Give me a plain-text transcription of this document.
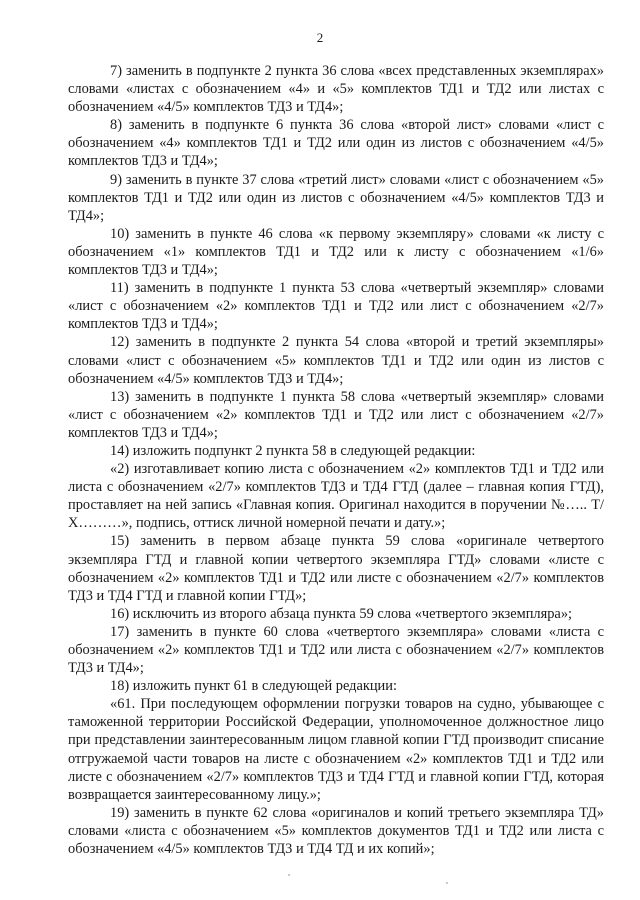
2

7) заменить в подпункте 2 пункта 36 слова «всех представленных экземплярах» словами «листах с обозначением «4» и «5» комплектов ТД1 и ТД2 или листах с обозначением «4/5» комплектов ТД3 и ТД4»;

8) заменить в подпункте 6 пункта 36 слова «второй лист» словами «лист с обозначением «4» комплектов ТД1 и ТД2 или один из листов с обозначением «4/5» комплектов ТД3 и ТД4»;

9) заменить в пункте 37 слова «третий лист» словами «лист с обозначением «5» комплектов ТД1 и ТД2 или один из листов с обозначением «4/5» комплектов ТД3 и ТД4»;

10) заменить в пункте 46 слова «к первому экземпляру» словами «к листу с обозначением «1» комплектов ТД1 и ТД2 или к листу с обозначением «1/6» комплектов ТД3 и ТД4»;

11) заменить в подпункте 1 пункта 53 слова «четвертый экземпляр» словами «лист с обозначением «2» комплектов ТД1 и ТД2 или лист с обозначением «2/7» комплектов ТД3 и ТД4»;

12) заменить в подпункте 2 пункта 54 слова «второй и третий экземпляры» словами «лист с обозначением «5» комплектов ТД1 и ТД2 или один из листов с обозначением «4/5» комплектов ТД3 и ТД4»;

13) заменить в подпункте 1 пункта 58 слова «четвертый экземпляр» словами «лист с обозначением «2» комплектов ТД1 и ТД2 или лист с обозначением «2/7» комплектов ТД3 и ТД4»;

14) изложить подпункт 2 пункта 58 в следующей редакции:

«2) изготавливает копию листа с обозначением «2» комплектов ТД1 и ТД2 или листа с обозначением «2/7» комплектов ТД3 и ТД4 ГТД (далее – главная копия ГТД), проставляет на ней запись «Главная копия. Оригинал находится в поручении №….. Т/Х………», подпись, оттиск личной номерной печати и дату.»;

15) заменить в первом абзаце пункта 59 слова «оригинале четвертого экземпляра ГТД и главной копии четвертого экземпляра ГТД» словами «листе с обозначением «2» комплектов ТД1 и ТД2 или листе с обозначением «2/7» комплектов ТД3 и ТД4 ГТД и главной копии ГТД»;

16) исключить из второго абзаца пункта 59 слова «четвертого экземпляра»;

17) заменить в пункте 60 слова «четвертого экземпляра» словами «листа с обозначением «2» комплектов ТД1 и ТД2 или листа с обозначением «2/7» комплектов ТД3 и ТД4»;

18) изложить пункт 61 в следующей редакции:

«61. При последующем оформлении погрузки товаров на судно, убывающее с таможенной территории Российской Федерации, уполномоченное должностное лицо при представлении заинтересованным лицом главной копии ГТД производит списание отгружаемой части товаров на листе с обозначением «2» комплектов ТД1 и ТД2 или листе с обозначением «2/7» комплектов ТД3 и ТД4 ГТД и главной копии ГТД, которая возвращается заинтересованному лицу.»;

19) заменить в пункте 62 слова «оригиналов и копий третьего экземпляра ТД» словами «листа с обозначением «5» комплектов документов ТД1 и ТД2 или листа с обозначением «4/5» комплектов ТД3 и ТД4 ТД и их копий»;
